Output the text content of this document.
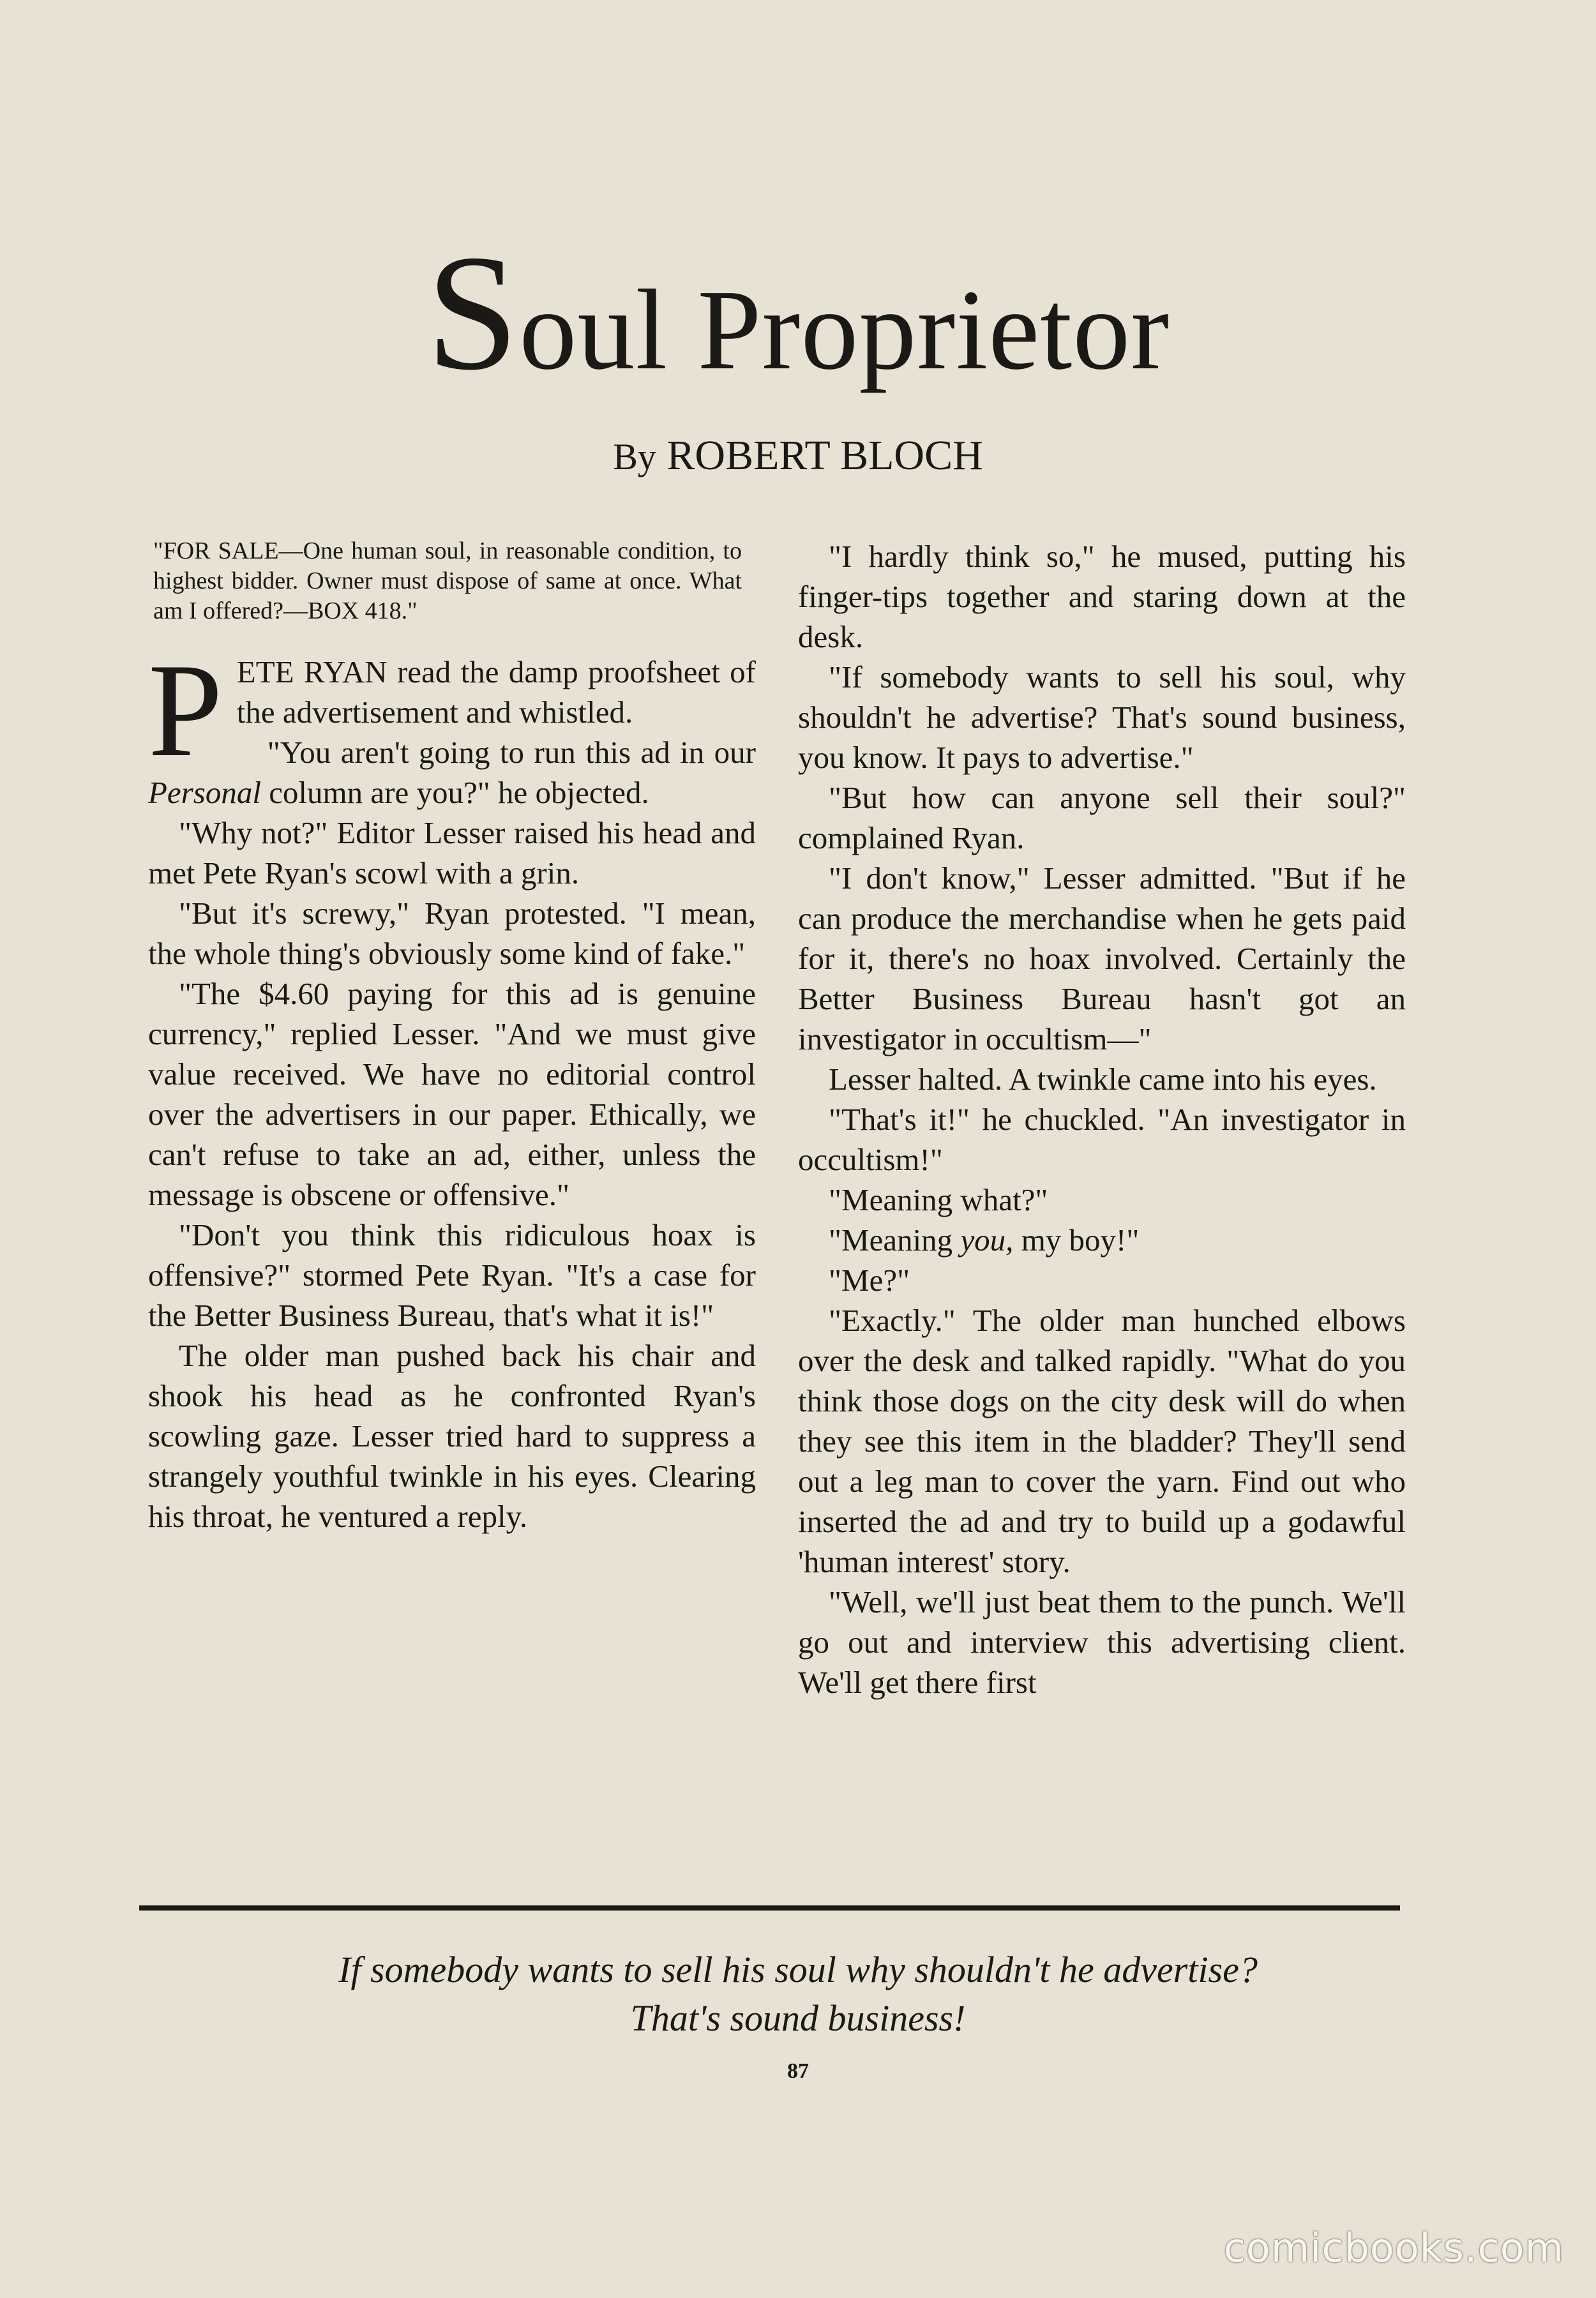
Soul Proprietor
By ROBERT BLOCH

"FOR SALE—One human soul, in reasonable condition, to highest bidder. Owner must dispose of same at once. What am I offered?—BOX 418."

PETE RYAN read the damp proofsheet of the advertisement and whistled.

"You aren't going to run this ad in our Personal column are you?" he objected.

"Why not?" Editor Lesser raised his head and met Pete Ryan's scowl with a grin.

"But it's screwy," Ryan protested. "I mean, the whole thing's obviously some kind of fake."

"The $4.60 paying for this ad is genuine currency," replied Lesser. "And we must give value received. We have no editorial control over the advertisers in our paper. Ethically, we can't refuse to take an ad, either, unless the message is obscene or offensive."

"Don't you think this ridiculous hoax is offensive?" stormed Pete Ryan. "It's a case for the Better Business Bureau, that's what it is!"

The older man pushed back his chair and shook his head as he confronted Ryan's scowling gaze. Lesser tried hard to suppress a strangely youthful twinkle in his eyes. Clearing his throat, he ventured a reply.

"I hardly think so," he mused, putting his finger-tips together and staring down at the desk.

"If somebody wants to sell his soul, why shouldn't he advertise? That's sound business, you know. It pays to advertise."

"But how can anyone sell their soul?" complained Ryan.

"I don't know," Lesser admitted. "But if he can produce the merchandise when he gets paid for it, there's no hoax involved. Certainly the Better Business Bureau hasn't got an investigator in occultism—"

Lesser halted. A twinkle came into his eyes.

"That's it!" he chuckled. "An investigator in occultism!"

"Meaning what?"

"Meaning you, my boy!"

"Me?"

"Exactly." The older man hunched elbows over the desk and talked rapidly. "What do you think those dogs on the city desk will do when they see this item in the bladder? They'll send out a leg man to cover the yarn. Find out who inserted the ad and try to build up a godawful 'human interest' story.

"Well, we'll just beat them to the punch. We'll go out and interview this advertising client. We'll get there first

If somebody wants to sell his soul why shouldn't he advertise?
That's sound business!
87
comicbooks.com
